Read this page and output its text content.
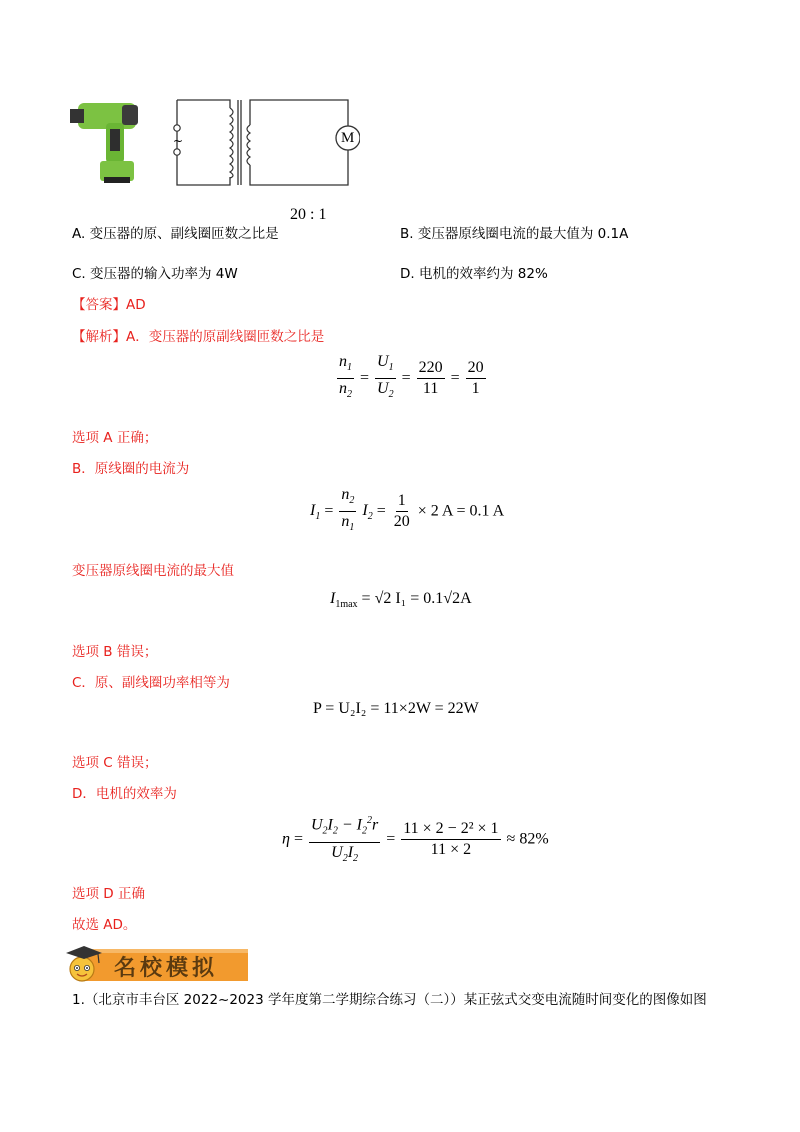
~	M
A. 变压器的原、副线圈匝数之比是
20 : 1
B. 变压器原线圈电流的最大值为 0.1A
C. 变压器的输入功率为 4W	D. 电机的效率约为 82%
【答案】AD
【解析】A．变压器的原副线圈匝数之比是
$\frac{n_1}{n_2} = \frac{U_1}{U_2} = \frac{220}{11} = \frac{20}{1}$
选项 A 正确；
B．原线圈的电流为
$I_1 = \frac{n_2}{n_1} I_2 = \frac{1}{20} \times 2$ A = 0.1 A
变压器原线圈电流的最大值
$I_{1max} = √2$ I₁ = 0.1√2A
选项 B 错误；
C．原、副线圈功率相等为
P = U₂I₂ = 11×2W = 22W
选项 C 错误；
D．电机的效率为
$\eta = \frac{U_2I_2 - I_2^2r}{U_2I_2} = \frac{\text{11 × 2 − 2² × 1}}{11 \times 2} \approx 82\%$
选项 D 正确
故选 AD。
名校模拟
1.（北京市丰台区 2022~2023 学年度第二学期综合练习（二））某正弦式交变电流随时间变化的图像如图
